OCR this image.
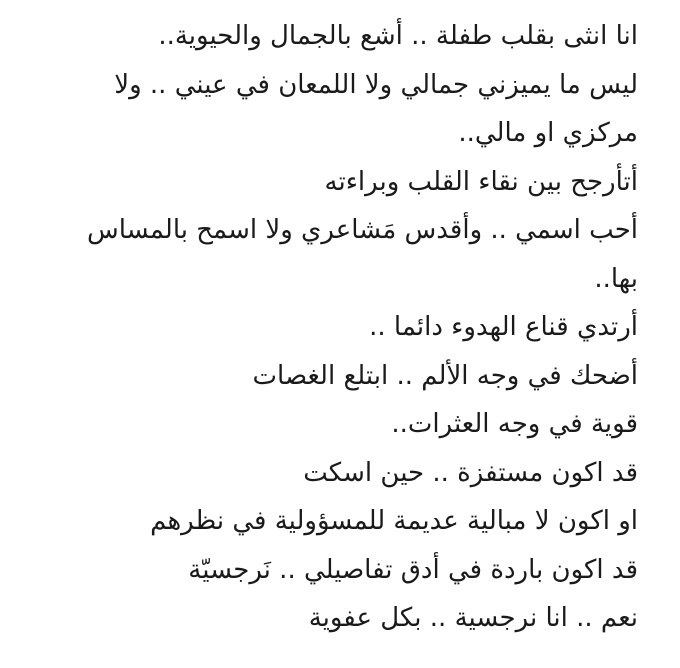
انا انثى بقلب طفلة .. أشع بالجمال والحيوية..

ليس ما يميزني جمالي ولا اللمعان في عيني .. ولا

مركزي او مالي..

أتأرجح بين نقاء القلب وبراءته

أحب اسمي .. وأقدس مَشاعري ولا اسمح بالمساس

بها..

أرتدي قناع الهدوء دائما ..

أضحك في وجه الألم .. ابتلع الغصات

قوية في وجه العثرات..

قد اكون مستفزة .. حين اسكت

او اكون لا مبالية عديمة للمسؤولية في نظرهم

قد اكون باردة في أدق تفاصيلي .. نَرجسيّة

نعم .. انا نرجسية .. بكل عفوية
